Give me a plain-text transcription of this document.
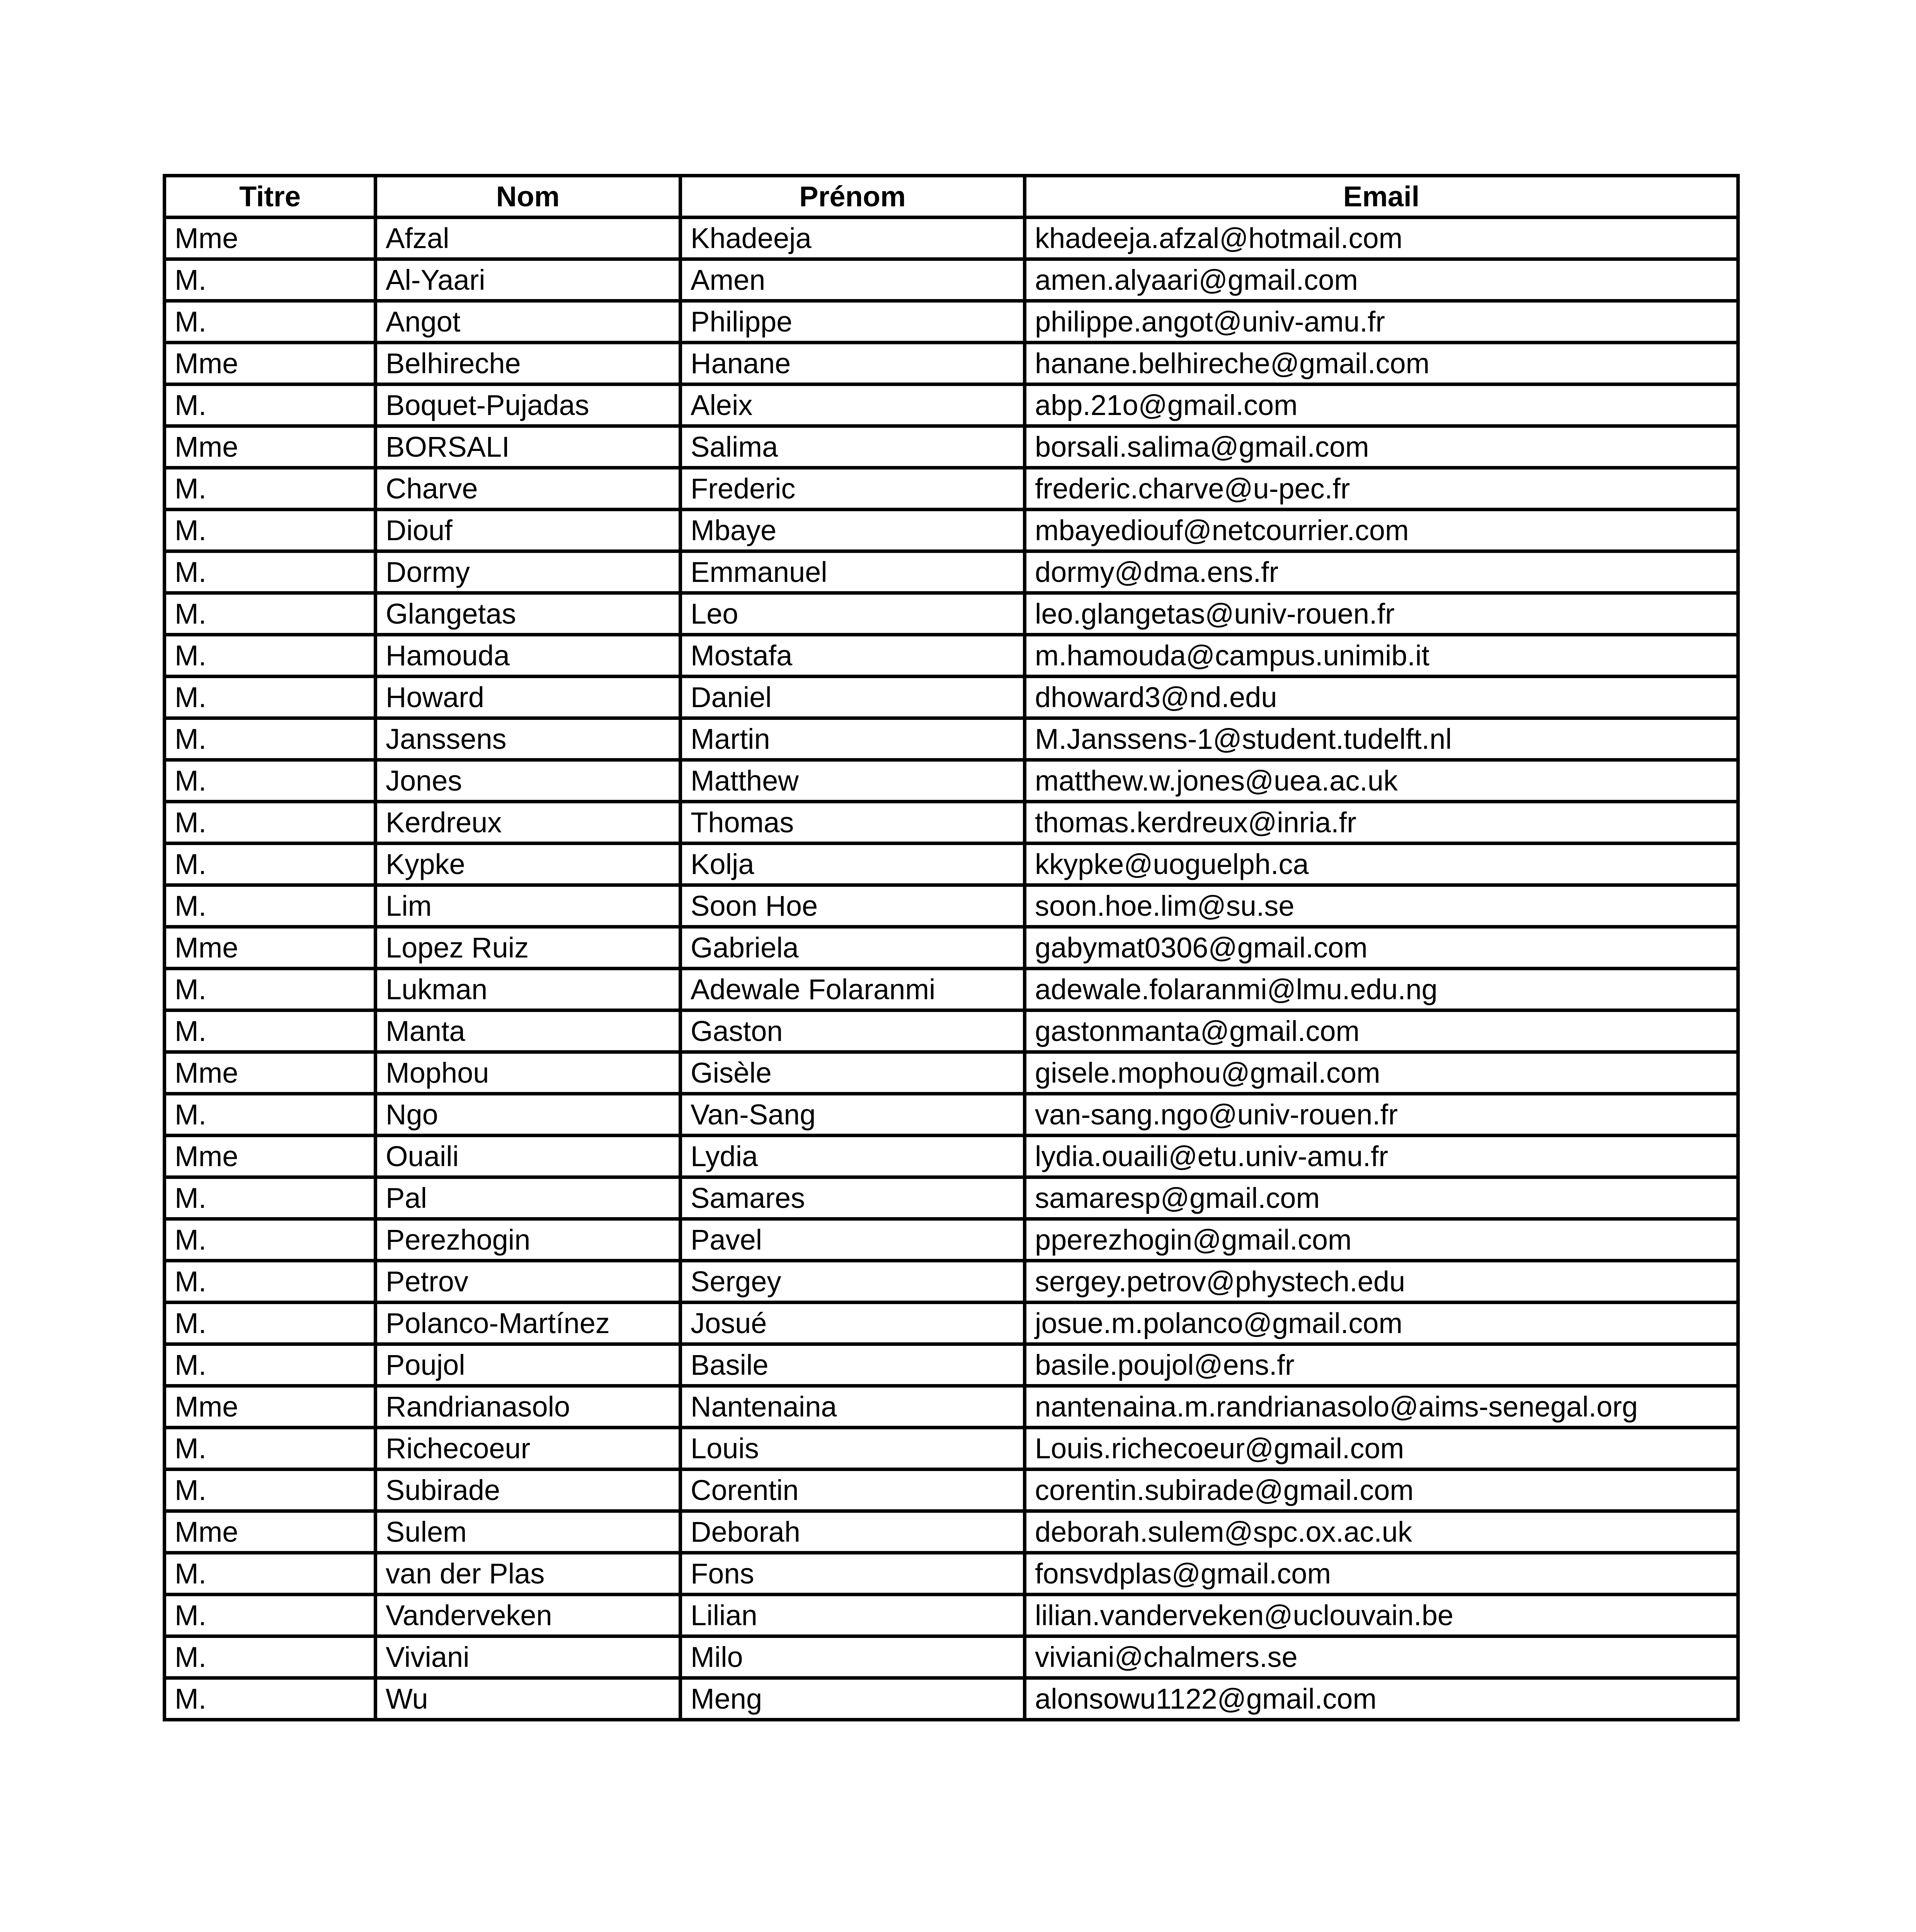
Titre	Nom	Prénom	Email
Mme	Afzal	Khadeeja	khadeeja.afzal@hotmail.com
M.	Al-Yaari	Amen	amen.alyaari@gmail.com
M.	Angot	Philippe	philippe.angot@univ-amu.fr
Mme	Belhireche	Hanane	hanane.belhireche@gmail.com
M.	Boquet-Pujadas	Aleix	abp.21o@gmail.com
Mme	BORSALI	Salima	borsali.salima@gmail.com
M.	Charve	Frederic	frederic.charve@u-pec.fr
M.	Diouf	Mbaye	mbayediouf@netcourrier.com
M.	Dormy	Emmanuel	dormy@dma.ens.fr
M.	Glangetas	Leo	leo.glangetas@univ-rouen.fr
M.	Hamouda	Mostafa	m.hamouda@campus.unimib.it
M.	Howard	Daniel	dhoward3@nd.edu
M.	Janssens	Martin	M.Janssens-1@student.tudelft.nl
M.	Jones	Matthew	matthew.w.jones@uea.ac.uk
M.	Kerdreux	Thomas	thomas.kerdreux@inria.fr
M.	Kypke	Kolja	kkypke@uoguelph.ca
M.	Lim	Soon Hoe	soon.hoe.lim@su.se
Mme	Lopez Ruiz	Gabriela	gabymat0306@gmail.com
M.	Lukman	Adewale Folaranmi	adewale.folaranmi@lmu.edu.ng
M.	Manta	Gaston	gastonmanta@gmail.com
Mme	Mophou	Gisèle	gisele.mophou@gmail.com
M.	Ngo	Van-Sang	van-sang.ngo@univ-rouen.fr
Mme	Ouaili	Lydia	lydia.ouaili@etu.univ-amu.fr
M.	Pal	Samares	samaresp@gmail.com
M.	Perezhogin	Pavel	pperezhogin@gmail.com
M.	Petrov	Sergey	sergey.petrov@phystech.edu
M.	Polanco-Martínez	Josué	josue.m.polanco@gmail.com
M.	Poujol	Basile	basile.poujol@ens.fr
Mme	Randrianasolo	Nantenaina	nantenaina.m.randrianasolo@aims-senegal.org
M.	Richecoeur	Louis	Louis.richecoeur@gmail.com
M.	Subirade	Corentin	corentin.subirade@gmail.com
Mme	Sulem	Deborah	deborah.sulem@spc.ox.ac.uk
M.	van der Plas	Fons	fonsvdplas@gmail.com
M.	Vanderveken	Lilian	lilian.vanderveken@uclouvain.be
M.	Viviani	Milo	viviani@chalmers.se
M.	Wu	Meng	alonsowu1122@gmail.com
